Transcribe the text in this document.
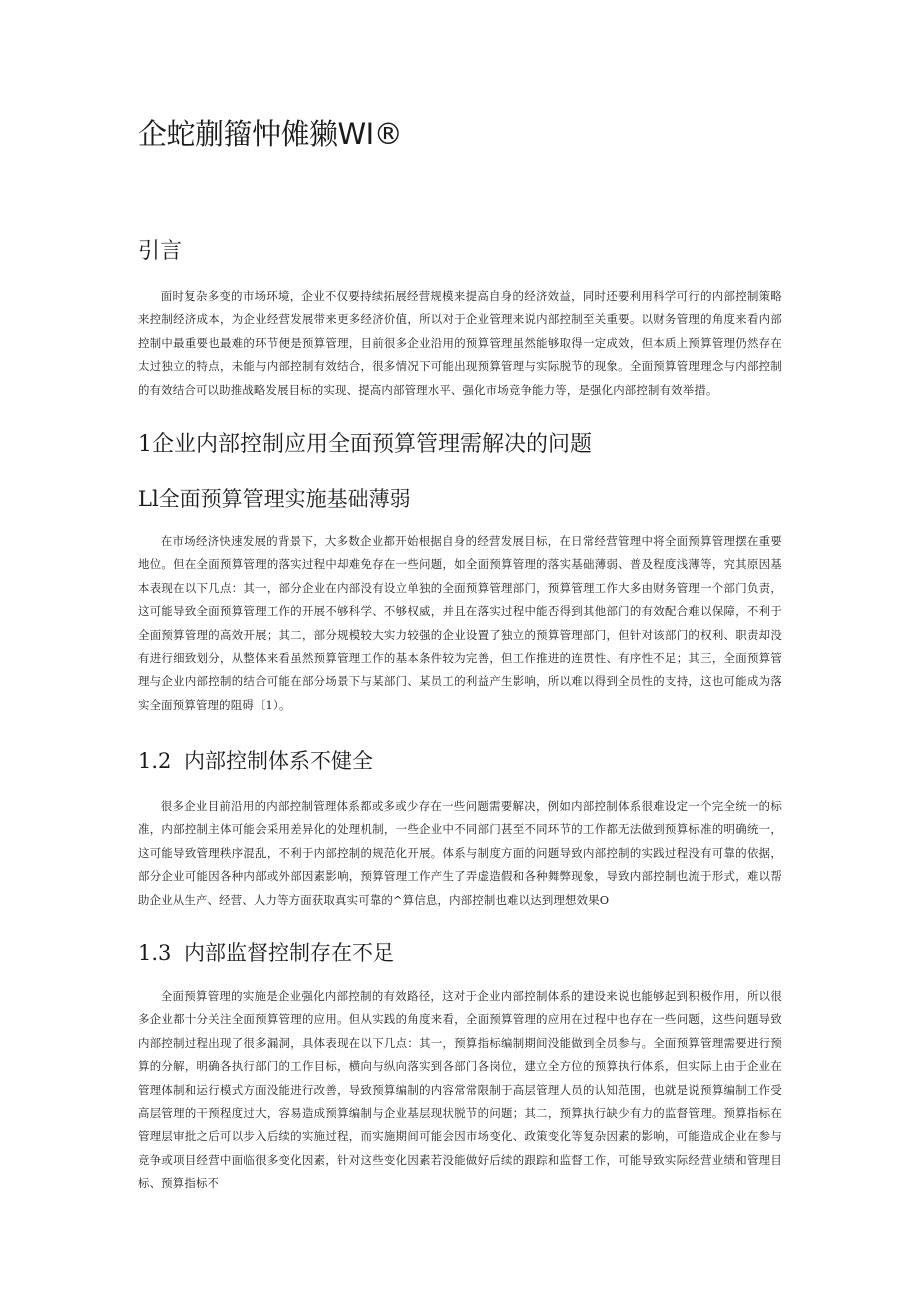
企蛇蒯籀忡傩獭WI®
引言

面时复杂多变的市场环境，企业不仅要持续拓展经营规模来提高自身的经济效益，同时还要利用科学可行的内部控制策略来控制经济成本，为企业经营发展带来更多经济价值，所以对于企业管理来说内部控制至关重要。以财务管理的角度来看内部控制中最重要也最难的环节便是预算管理，目前很多企业沿用的预算管理虽然能够取得一定成效，但本质上预算管理仍然存在太过独立的特点，未能与内部控制有效结合，很多情况下可能出现预算管理与实际脱节的现象。全面预算管理理念与内部控制的有效结合可以助推战略发展目标的实现、提高内部管理水平、强化市场竞争能力等，是强化内部控制有效举措。

1企业内部控制应用全面预算管理需解决的问题
Ll全面预算管理实施基础薄弱

在市场经济快速发展的背景下，大多数企业都开始根据自身的经营发展目标，在日常经营管理中将全面预算管理摆在重要地位。但在全面预算管理的落实过程中却难免存在一些问题，如全面预算管理的落实基础薄弱、普及程度浅薄等，究其原因基本表现在以下几点：其一，部分企业在内部没有设立单独的全面预算管理部门，预算管理工作大多由财务管理一个部门负责，这可能导致全面预算管理工作的开展不够科学、不够权威，并且在落实过程中能否得到其他部门的有效配合难以保障，不利于全面预算管理的高效开展；其二，部分规模较大实力较强的企业设置了独立的预算管理部门，但针对该部门的权利、职责却没有进行细致划分，从整体来看虽然预算管理工作的基本条件较为完善，但工作推进的连贯性、有序性不足；其三，全面预算管理与企业内部控制的结合可能在部分场景下与某部门、某员工的利益产生影响，所以难以得到全员性的支持，这也可能成为落实全面预算管理的阻碍〔1）。

1.2 内部控制体系不健全

很多企业目前沿用的内部控制管理体系都或多或少存在一些问题需要解决，例如内部控制体系很难设定一个完全统一的标准，内部控制主体可能会采用差异化的处理机制，一些企业中不同部门甚至不同环节的工作都无法做到预算标准的明确统一，这可能导致管理秩序混乱，不利于内部控制的规范化开展。体系与制度方面的问题导致内部控制的实践过程没有可靠的依据，部分企业可能因各种内部或外部因素影响，预算管理工作产生了弄虚造假和各种舞弊现象，导致内部控制也流于形式，难以帮助企业从生产、经营、人力等方面获取真实可靠的^算信息，内部控制也难以达到理想效果O

1.3 内部监督控制存在不足

全面预算管理的实施是企业强化内部控制的有效路径，这对于企业内部控制体系的建设来说也能够起到积极作用，所以很多企业都十分关注全面预算管理的应用。但从实践的角度来看，全面预算管理的应用在过程中也存在一些问题，这些问题导致内部控制过程出现了很多漏洞，具体表现在以下几点：其一，预算指标编制期间没能做到全员参与。全面预算管理需要进行预算的分解，明确各执行部门的工作目标，横向与纵向落实到各部门各岗位，建立全方位的预算执行体系，但实际上由于企业在管理体制和运行模式方面没能进行改善，导致预算编制的内容常常限制于高层管理人员的认知范围，也就是说预算编制工作受高层管理的干预程度过大，容易造成预算编制与企业基层现状脱节的问题；其二，预算执行缺少有力的监督管理。预算指标在管理层审批之后可以步入后续的实施过程，而实施期间可能会因市场变化、政策变化等复杂因素的影响，可能造成企业在参与竞争或项目经营中面临很多变化因素，针对这些变化因素若没能做好后续的跟踪和监督工作，可能导致实际经营业绩和管理目标、预算指标不
